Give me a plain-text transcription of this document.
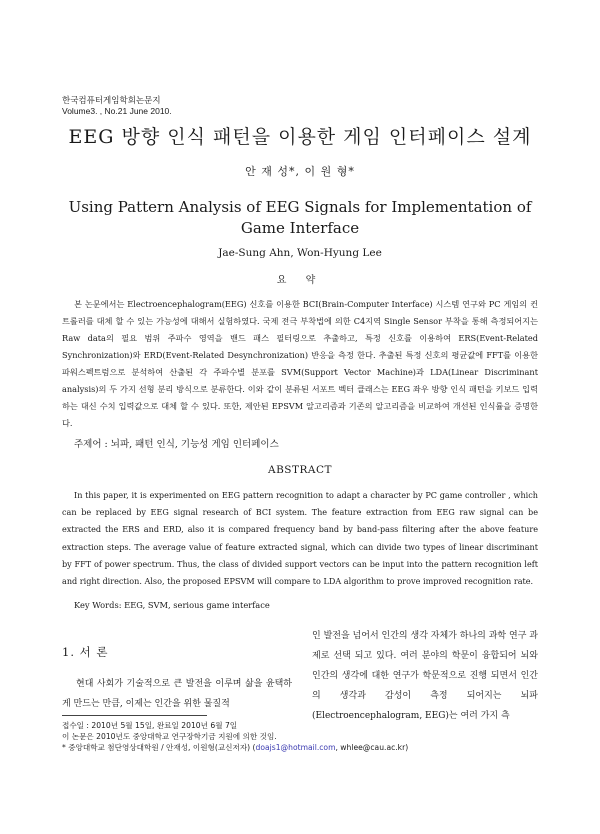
한국컴퓨터게임학회논문지
Volume3. , No.21 June 2010.
EEG 방향 인식 패턴을 이용한 게임 인터페이스 설계
안 재 성*, 이 원 형*
Using Pattern Analysis of EEG Signals for Implementation of Game Interface
Jae-Sung Ahn, Won-Hyung Lee
요 약
본 논문에서는 Electroencephalogram(EEG) 신호를 이용한 BCI(Brain-Computer Interface) 시스템 연구와 PC 게임의 컨트롤러를 대체 할 수 있는 가능성에 대해서 실험하였다. 국제 전극 부착법에 의한 C4지역 Single Sensor 부착을 통해 측정되어지는 Raw data의 필요 범위 주파수 영역을 밴드 패스 필터링으로 추출하고, 특정 신호를 이용하여 ERS(Event-Related Synchronization)와 ERD(Event-Related Desynchronization) 반응을 측정 한다. 추출된 특정 신호의 평균값에 FFT를 이용한 파워스펙트럼으로 분석하여 산출된 각 주파수별 분포를 SVM(Support Vector Machine)과 LDA(Linear Discriminant analysis)의 두 가지 선형 분리 방식으로 분류한다. 이와 같이 분류된 서포트 벡터 클래스는 EEG 좌우 방향 인식 패턴을 키보드 입력하는 대신 수치 입력값으로 대체 할 수 있다. 또한, 제안된 EPSVM 알고리즘과 기존의 알고리즘을 비교하여 개선된 인식률을 증명한다.
주제어 : 뇌파, 패턴 인식, 기능성 게임 인터페이스
ABSTRACT
In this paper, it is experimented on EEG pattern recognition to adapt a character by PC game controller , which can be replaced by EEG signal research of BCI system. The feature extraction from EEG raw signal can be extracted the ERS and ERD, also it is compared frequency band by band-pass filtering after the above feature extraction steps. The average value of feature extracted signal, which can divide two types of linear discriminant by FFT of power spectrum. Thus, the class of divided support vectors can be input into the pattern recognition left and right direction. Also, the proposed EPSVM will compare to LDA algorithm to prove improved recognition rate.
Key Words: EEG, SVM, serious game interface
1. 서 론
현대 사회가 기술적으로 큰 발전을 이루며 삶을 윤택하게 만드는 만큼, 이제는 인간을 위한 물질적
인 발전을 넘어서 인간의 생각 자체가 하나의 과학 연구 과제로 선택 되고 있다. 여러 분야의 학문이 융합되어 뇌와 인간의 생각에 대한 연구가 학문적으로 진행 되면서 인간의 생각과 감성이 측정 되어지는 뇌파(Electroencephalogram, EEG)는 여러 가지 측
접수일 : 2010년 5월 15일, 완료일 2010년 6월 7일
이 논문은 2010년도 중앙대학교 연구장학기금 지원에 의한 것임.
* 중앙대학교 첨단영상대학원 / 안재성, 이원형(교신저자) (doajs1@hotmail.com, whlee@cau.ac.kr)
